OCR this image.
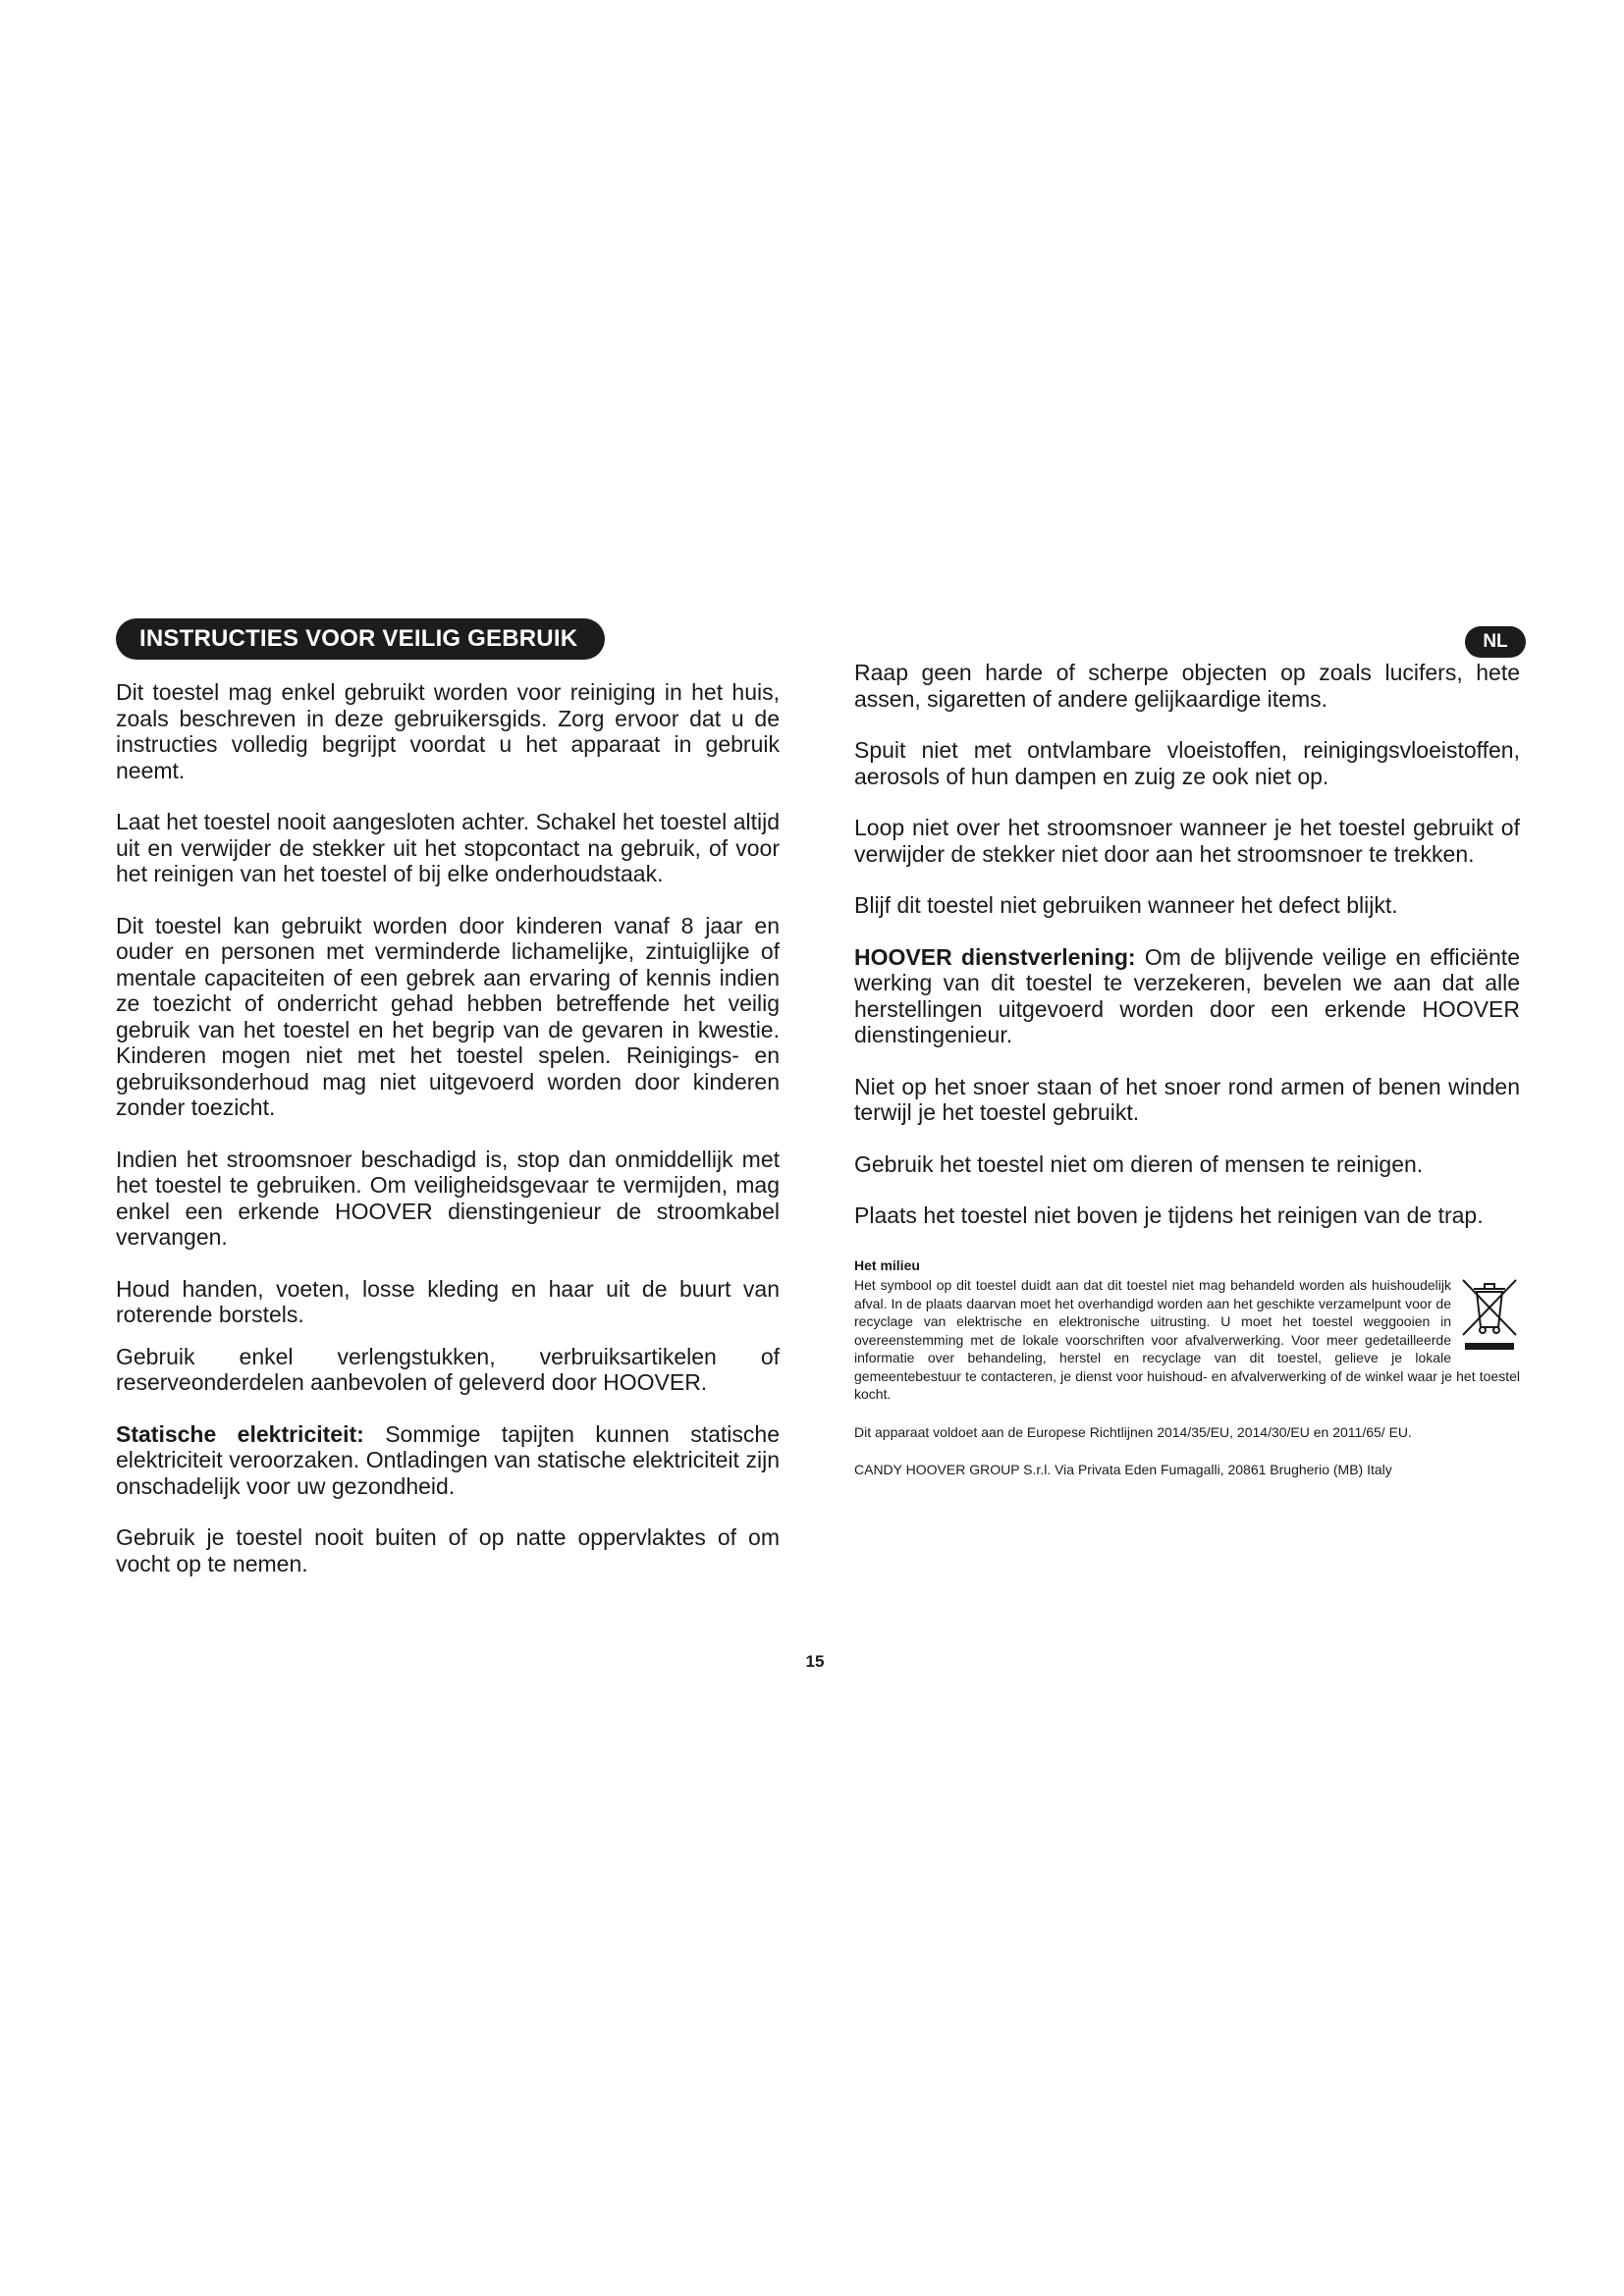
NL
INSTRUCTIES VOOR VEILIG GEBRUIK

Dit toestel mag enkel gebruikt worden voor reiniging in het huis, zoals beschreven in deze gebruikersgids. Zorg ervoor dat u de instructies volledig begrijpt voordat u het apparaat in gebruik neemt.

Laat het toestel nooit aangesloten achter. Schakel het toestel altijd uit en verwijder de stekker uit het stopcontact na gebruik, of voor het reinigen van het toestel of bij elke onderhoudstaak.

Dit toestel kan gebruikt worden door kinderen vanaf 8 jaar en ouder en personen met verminderde lichamelijke, zintuiglijke of mentale capaciteiten of een gebrek aan ervaring of kennis indien ze toezicht of onderricht gehad hebben betreffende het veilig gebruik van het toestel en het begrip van de gevaren in kwestie. Kinderen mogen niet met het toestel spelen. Reinigings- en gebruiksonderhoud mag niet uitgevoerd worden door kinderen zonder toezicht.

Indien het stroomsnoer beschadigd is, stop dan onmiddellijk met het toestel te gebruiken. Om veiligheidsgevaar te vermijden, mag enkel een erkende HOOVER dienstingenieur de stroomkabel vervangen.

Houd handen, voeten, losse kleding en haar uit de buurt van roterende borstels.

Gebruik enkel verlengstukken, verbruiksartikelen of reserveonderdelen aanbevolen of geleverd door HOOVER.

Statische elektriciteit: Sommige tapijten kunnen statische elektriciteit veroorzaken. Ontladingen van statische elektriciteit zijn onschadelijk voor uw gezondheid.

Gebruik je toestel nooit buiten of op natte oppervlaktes of om vocht op te nemen.

Raap geen harde of scherpe objecten op zoals lucifers, hete assen, sigaretten of andere gelijkaardige items.

Spuit niet met ontvlambare vloeistoffen, reinigingsvloeistoffen, aerosols of hun dampen en zuig ze ook niet op.

Loop niet over het stroomsnoer wanneer je het toestel gebruikt of verwijder de stekker niet door aan het stroomsnoer te trekken.

Blijf dit toestel niet gebruiken wanneer het defect blijkt.

HOOVER dienstverlening: Om de blijvende veilige en efficiënte werking van dit toestel te verzekeren, bevelen we aan dat alle herstellingen uitgevoerd worden door een erkende HOOVER dienstingenieur.

Niet op het snoer staan of het snoer rond armen of benen winden terwijl je het toestel gebruikt.

Gebruik het toestel niet om dieren of mensen te reinigen.

Plaats het toestel niet boven je tijdens het reinigen van de trap.

Het milieu

Het symbool op dit toestel duidt aan dat dit toestel niet mag behandeld worden als huishoudelijk afval. In de plaats daarvan moet het overhandigd worden aan het geschikte verzamelpunt voor de recyclage van elektrische en elektronische uitrusting. U moet het toestel weggooien in overeenstemming met de lokale voorschriften voor afvalverwerking. Voor meer gedetailleerde informatie over behandeling, herstel en recyclage van dit toestel, gelieve je lokale gemeentebestuur te contacteren, je dienst voor huishoud- en afvalverwerking of de winkel waar je het toestel kocht.

Dit apparaat voldoet aan de Europese Richtlijnen 2014/35/EU, 2014/30/EU en 2011/65/ EU.

CANDY HOOVER GROUP S.r.l. Via Privata Eden Fumagalli, 20861 Brugherio (MB) Italy

15
